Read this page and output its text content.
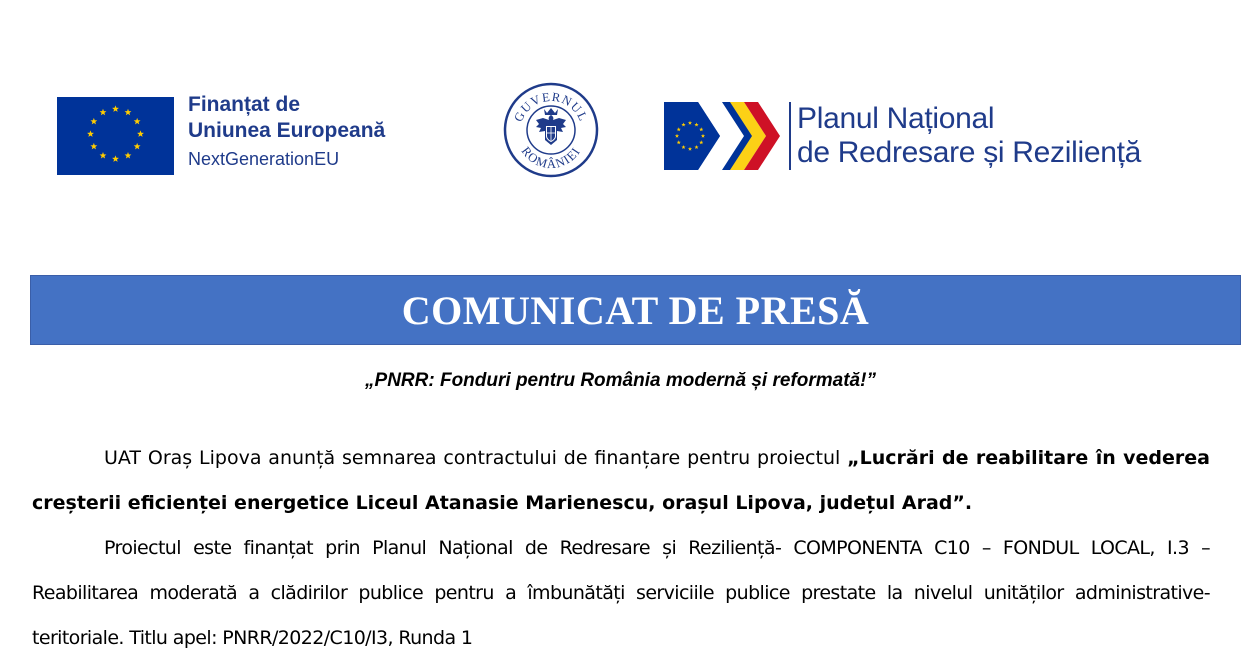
Finanțat de
Uniunea Europeană
NextGenerationEU
GUVERNUL
ROMÂNIEI
Planul Național
de Redresare și Reziliență
COMUNICAT DE PRESĂ
„PNRR: Fonduri pentru România modernă și reformată!”

UAT Oraș Lipova anunță semnarea contractului de finanțare pentru proiectul „Lucrări de reabilitare în vederea creșterii eficienței energetice Liceul Atanasie Marienescu, orașul Lipova, județul Arad”.

Proiectul este finanțat prin Planul Național de Redresare și Reziliență- COMPONENTA C10 – FONDUL LOCAL, I.3 – Reabilitarea moderată a clădirilor publice pentru a îmbunătăți serviciile publice prestate la nivelul unităților administrative-teritoriale. Titlu apel: PNRR/2022/C10/I3, Runda 1
